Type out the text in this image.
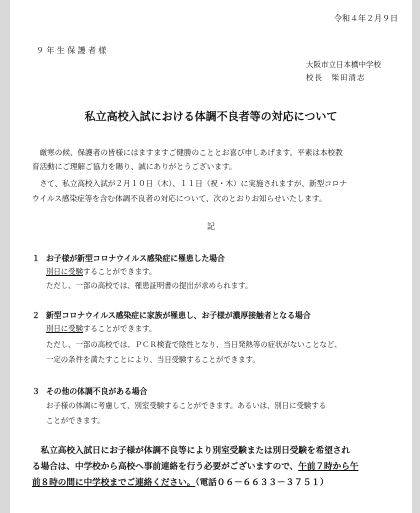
令和４年２月９日
９年生保護者様
大阪市立日本橋中学校
校長　柴田清志
私立高校入試における体調不良者等の対応について
　厳寒の候、保護者の皆様にはますますご健勝のこととお喜び申しあげます。平素は本校教
育活動にご理解ご協力を賜り、誠にありがとうございます。
　さて、私立高校入試が２月１０日（木）、１１日（祝・木）に実施されますが、新型コロナ
ウイルス感染症等を含む体調不良者の対応について、次のとおりお知らせいたします。
記
１ お子様が新型コロナウイルス感染症に罹患した場合
別日に受験することができます。
ただし、一部の高校では、罹患証明書の提出が求められます。
２ 新型コロナウイルス感染症に家族が罹患し、お子様が濃厚接触者となる場合
別日に受験することができます。
ただし、一部の高校では、ＰＣＲ検査で陰性となり、当日発熱等の症状がないことなど、
一定の条件を満たすことにより、当日受験することができます。
３ その他の体調不良がある場合
お子様の体調に考慮して、別室受験することができます。あるいは、別日に受験する
ことができます。
　私立高校入試日にお子様が体調不良等により別室受験または別日受験を希望され
る場合は、中学校から高校へ事前連絡を行う必要がございますので、午前７時から午
前８時の間に中学校までご連絡ください。（電話０６－６６３３－３７５１）
